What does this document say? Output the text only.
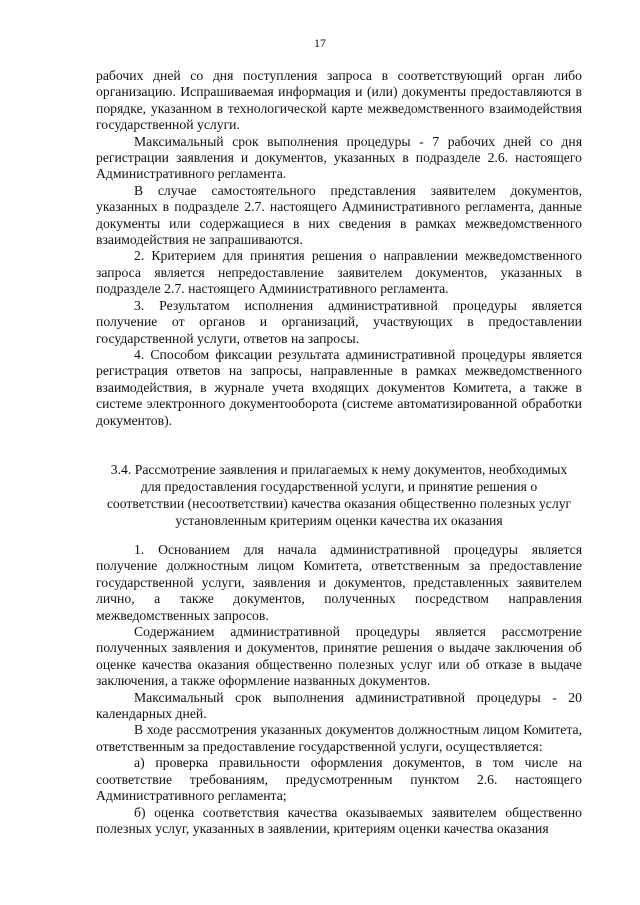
17

рабочих дней со дня поступления запроса в соответствующий орган либо организацию. Испрашиваемая информация и (или) документы предоставляются в порядке, указанном в технологической карте межведомственного взаимодействия государственной услуги.

Максимальный срок выполнения процедуры - 7 рабочих дней со дня регистрации заявления и документов, указанных в подразделе 2.6. настоящего Административного регламента.

В случае самостоятельного представления заявителем документов, указанных в подразделе 2.7. настоящего Административного регламента, данные документы или содержащиеся в них сведения в рамках межведомственного взаимодействия не запрашиваются.

2. Критерием для принятия решения о направлении межведомственного запроса является непредоставление заявителем документов, указанных в подразделе 2.7. настоящего Административного регламента.

3. Результатом исполнения административной процедуры является получение от органов и организаций, участвующих в предоставлении государственной услуги, ответов на запросы.

4. Способом фиксации результата административной процедуры является регистрация ответов на запросы, направленные в рамках межведомственного взаимодействия, в журнале учета входящих документов Комитета, а также в системе электронного документооборота (системе автоматизированной обработки документов).

3.4. Рассмотрение заявления и прилагаемых к нему документов, необходимых
для предоставления государственной услуги, и принятие решения о
соответствии (несоответствии) качества оказания общественно полезных услуг
установленным критериям оценки качества их оказания

1. Основанием для начала административной процедуры является получение должностным лицом Комитета, ответственным за предоставление государственной услуги, заявления и документов, представленных заявителем лично, а также документов, полученных посредством направления межведомственных запросов.

Содержанием административной процедуры является рассмотрение полученных заявления и документов, принятие решения о выдаче заключения об оценке качества оказания общественно полезных услуг или об отказе в выдаче заключения, а также оформление названных документов.

Максимальный срок выполнения административной процедуры - 20 календарных дней.

В ходе рассмотрения указанных документов должностным лицом Комитета, ответственным за предоставление государственной услуги, осуществляется:

а) проверка правильности оформления документов, в том числе на соответствие требованиям, предусмотренным пунктом 2.6. настоящего Административного регламента;

б) оценка соответствия качества оказываемых заявителем общественно полезных услуг, указанных в заявлении, критериям оценки качества оказания
